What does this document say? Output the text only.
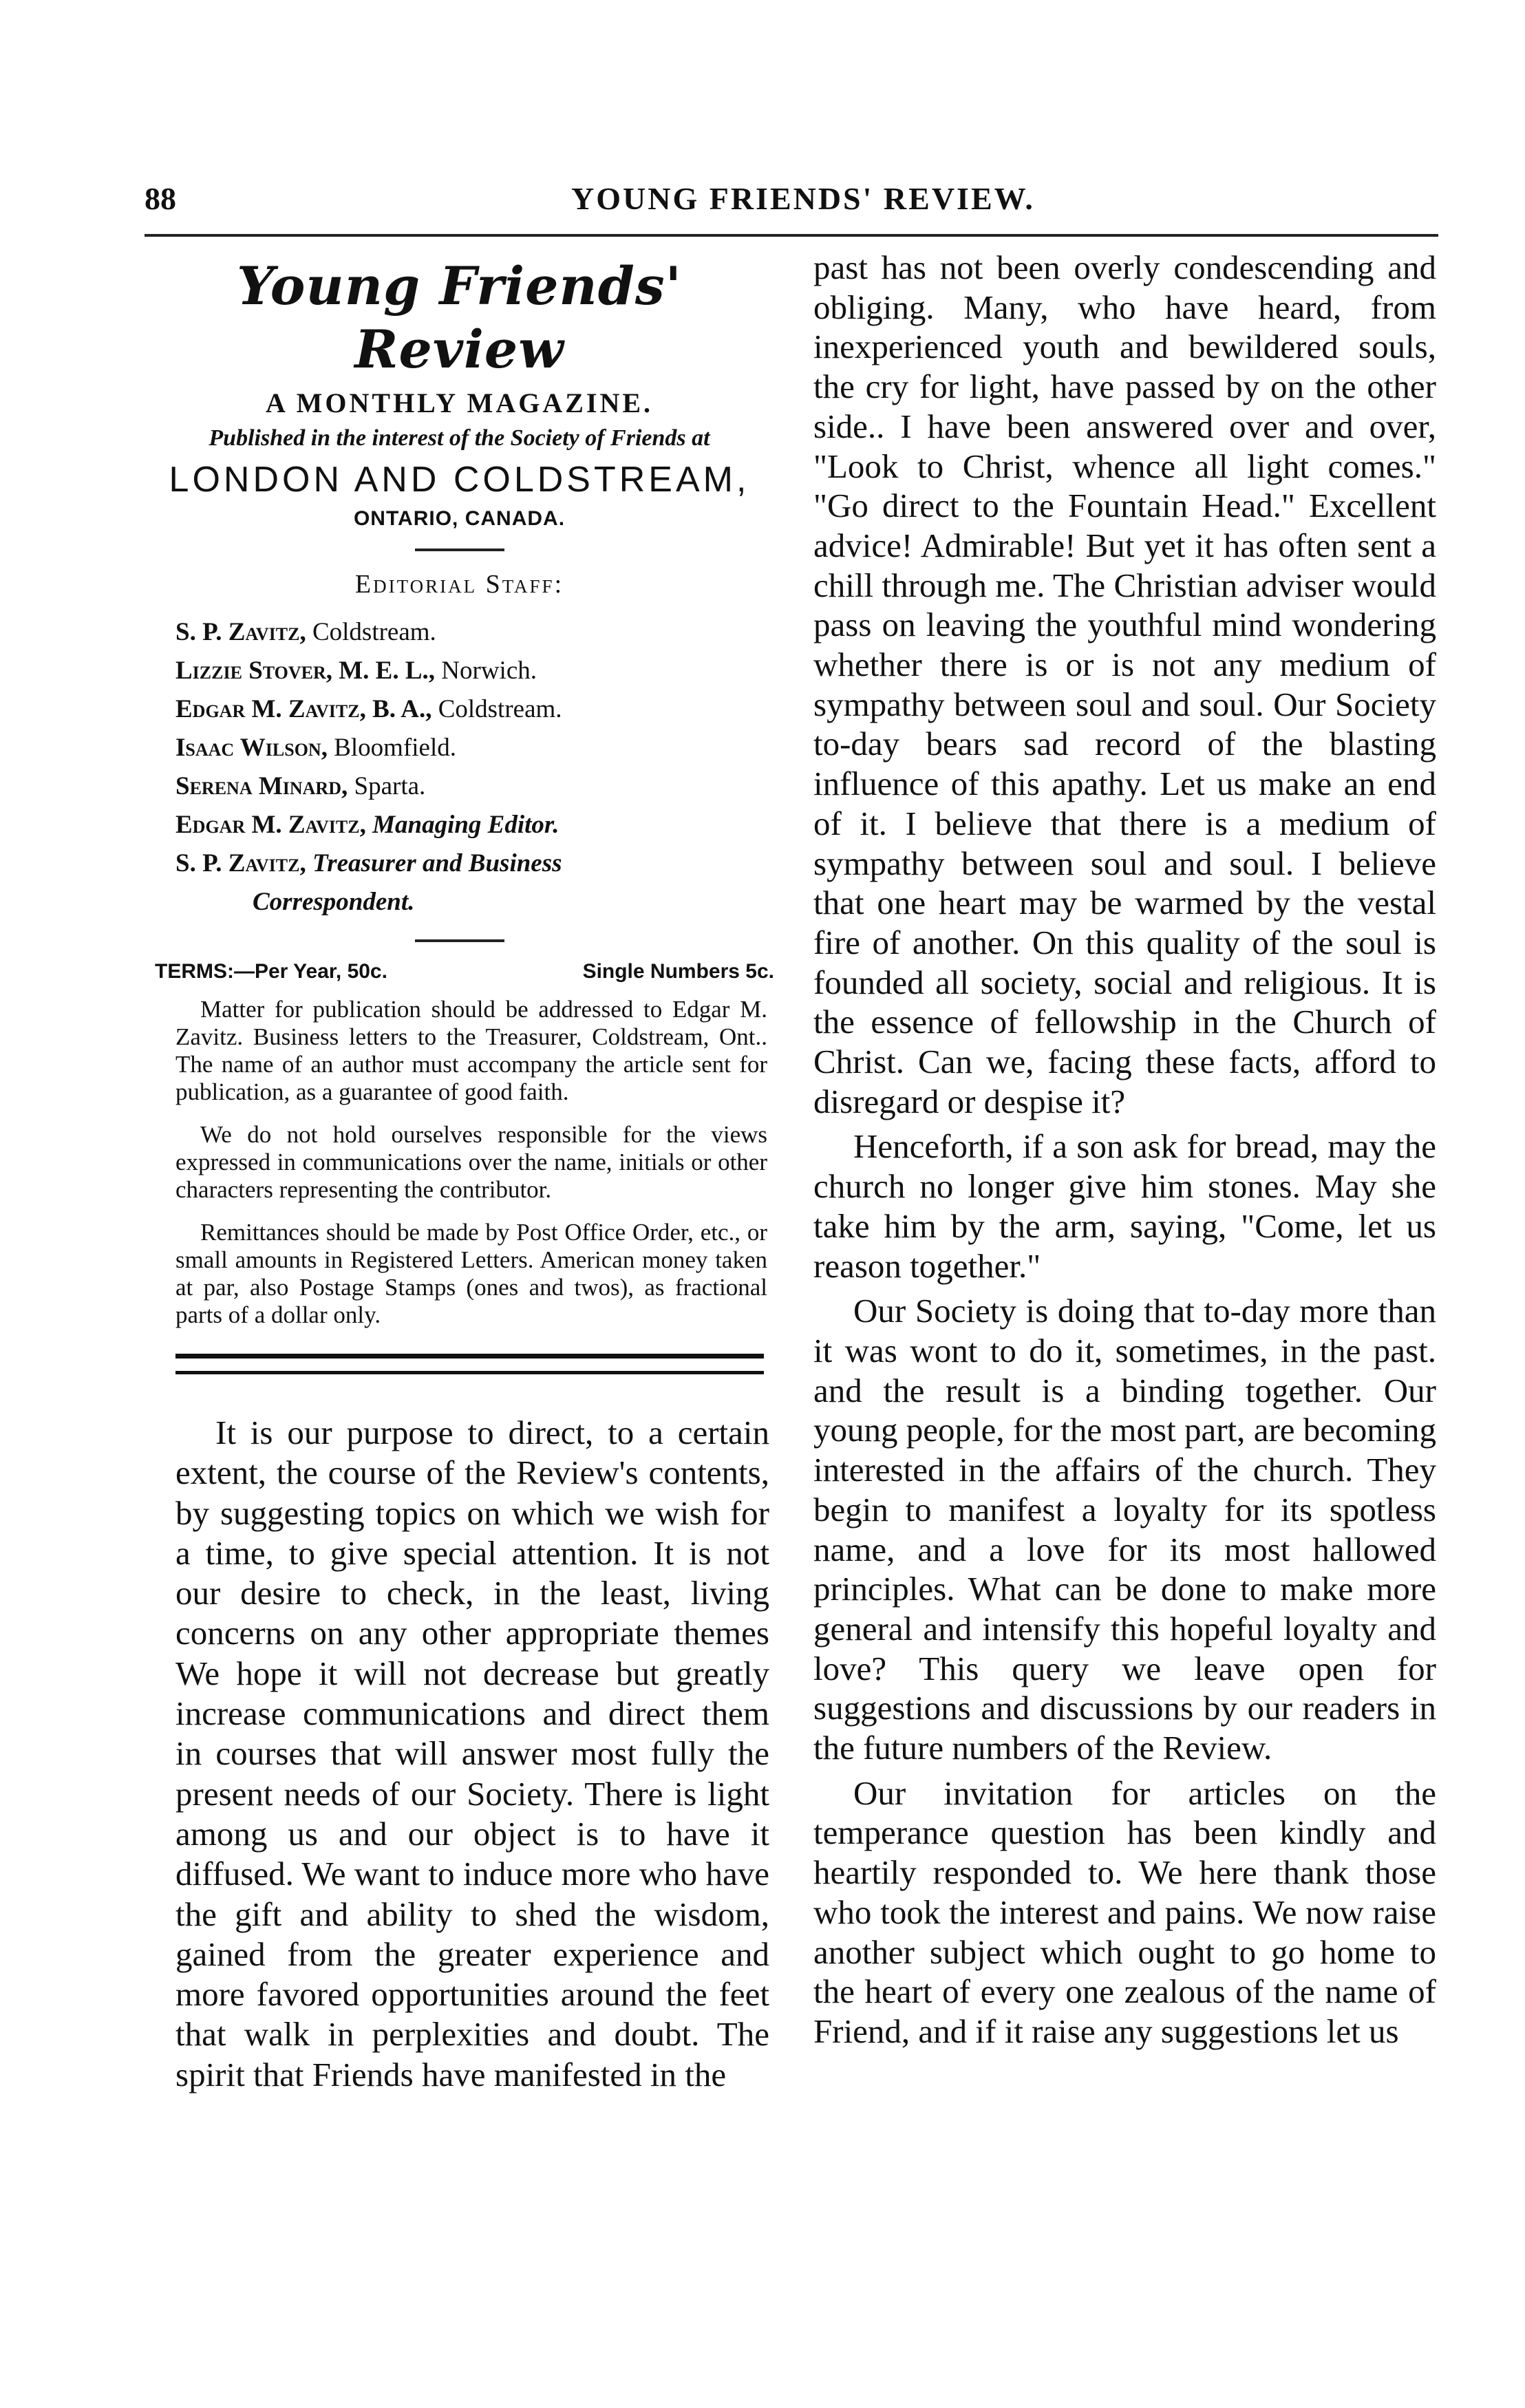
88	YOUNG FRIENDS' REVIEW.
Young Friends' Review
A MONTHLY MAGAZINE.
Published in the interest of the Society of Friends at
LONDON AND COLDSTREAM,
ONTARIO, CANADA.
Editorial Staff:
S. P. Zavitz, Coldstream.
Lizzie Stover, M. E. L., Norwich.
Edgar M. Zavitz, B. A., Coldstream.
Isaac Wilson, Bloomfield.
Serena Minard, Sparta.
Edgar M. Zavitz, Managing Editor.
S. P. Zavitz, Treasurer and Business
Correspondent.
TERMS:—Per Year, 50c.	Single Numbers 5c.

Matter for publication should be addressed to Edgar M. Zavitz. Business letters to the Treasurer, Coldstream, Ont.. The name of an author must accompany the article sent for publication, as a guarantee of good faith.

We do not hold ourselves responsible for the views expressed in communications over the name, initials or other characters representing the contributor.

Remittances should be made by Post Office Order, etc., or small amounts in Registered Letters. American money taken at par, also Postage Stamps (ones and twos), as fractional parts of a dollar only.

It is our purpose to direct, to a certain extent, the course of the Review's contents, by suggesting topics on which we wish for a time, to give special attention. It is not our desire to check, in the least, living concerns on any other appropriate themes We hope it will not decrease but greatly increase communications and direct them in courses that will answer most fully the present needs of our Society. There is light among us and our object is to have it diffused. We want to induce more who have the gift and ability to shed the wisdom, gained from the greater experience and more favored opportunities around the feet that walk in perplexities and doubt. The spirit that Friends have manifested in the

past has not been overly condescending and obliging. Many, who have heard, from inexperienced youth and bewildered souls, the cry for light, have passed by on the other side.. I have been answered over and over, "Look to Christ, whence all light comes." "Go direct to the Fountain Head." Excellent advice! Admirable! But yet it has often sent a chill through me. The Christian adviser would pass on leaving the youthful mind wondering whether there is or is not any medium of sympathy between soul and soul. Our Society to-day bears sad record of the blasting influence of this apathy. Let us make an end of it. I believe that there is a medium of sympathy between soul and soul. I believe that one heart may be warmed by the vestal fire of another. On this quality of the soul is founded all society, social and religious. It is the essence of fellowship in the Church of Christ. Can we, facing these facts, afford to disregard or despise it?

Henceforth, if a son ask for bread, may the church no longer give him stones. May she take him by the arm, saying, "Come, let us reason together."

Our Society is doing that to-day more than it was wont to do it, sometimes, in the past. and the result is a binding together. Our young people, for the most part, are becoming interested in the affairs of the church. They begin to manifest a loyalty for its spotless name, and a love for its most hallowed principles. What can be done to make more general and intensify this hopeful loyalty and love? This query we leave open for suggestions and discussions by our readers in the future numbers of the Review.

Our invitation for articles on the temperance question has been kindly and heartily responded to. We here thank those who took the interest and pains. We now raise another subject which ought to go home to the heart of every one zealous of the name of Friend, and if it raise any suggestions let us
